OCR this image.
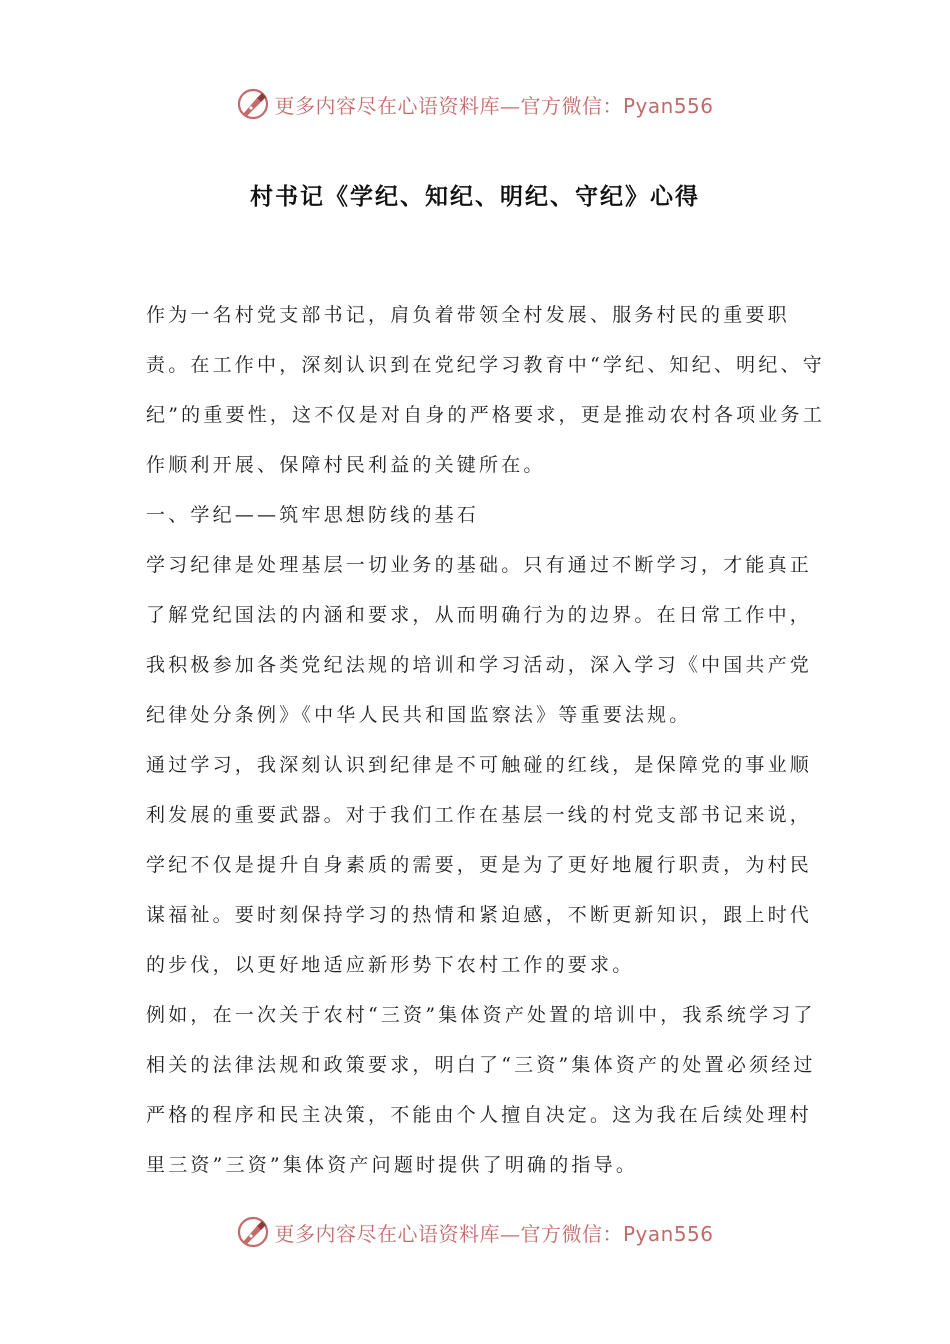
更多内容尽在心语资料库—官方微信：Pyan556
村书记《学纪、知纪、明纪、守纪》心得

作为一名村党支部书记，肩负着带领全村发展、服务村民的重要职责。在工作中，深刻认识到在党纪学习教育中“学纪、知纪、明纪、守纪”的重要性，这不仅是对自身的严格要求，更是推动农村各项业务工作顺利开展、保障村民利益的关键所在。

一、学纪——筑牢思想防线的基石

学习纪律是处理基层一切业务的基础。只有通过不断学习，才能真正了解党纪国法的内涵和要求，从而明确行为的边界。在日常工作中，我积极参加各类党纪法规的培训和学习活动，深入学习《中国共产党纪律处分条例》《中华人民共和国监察法》等重要法规。

通过学习，我深刻认识到纪律是不可触碰的红线，是保障党的事业顺利发展的重要武器。对于我们工作在基层一线的村党支部书记来说，学纪不仅是提升自身素质的需要，更是为了更好地履行职责，为村民谋福祉。要时刻保持学习的热情和紧迫感，不断更新知识，跟上时代的步伐，以更好地适应新形势下农村工作的要求。

例如，在一次关于农村“三资”集体资产处置的培训中，我系统学习了相关的法律法规和政策要求，明白了“三资”集体资产的处置必须经过严格的程序和民主决策，不能由个人擅自决定。这为我在后续处理村里三资”三资”集体资产问题时提供了明确的指导。

更多内容尽在心语资料库—官方微信：Pyan556
